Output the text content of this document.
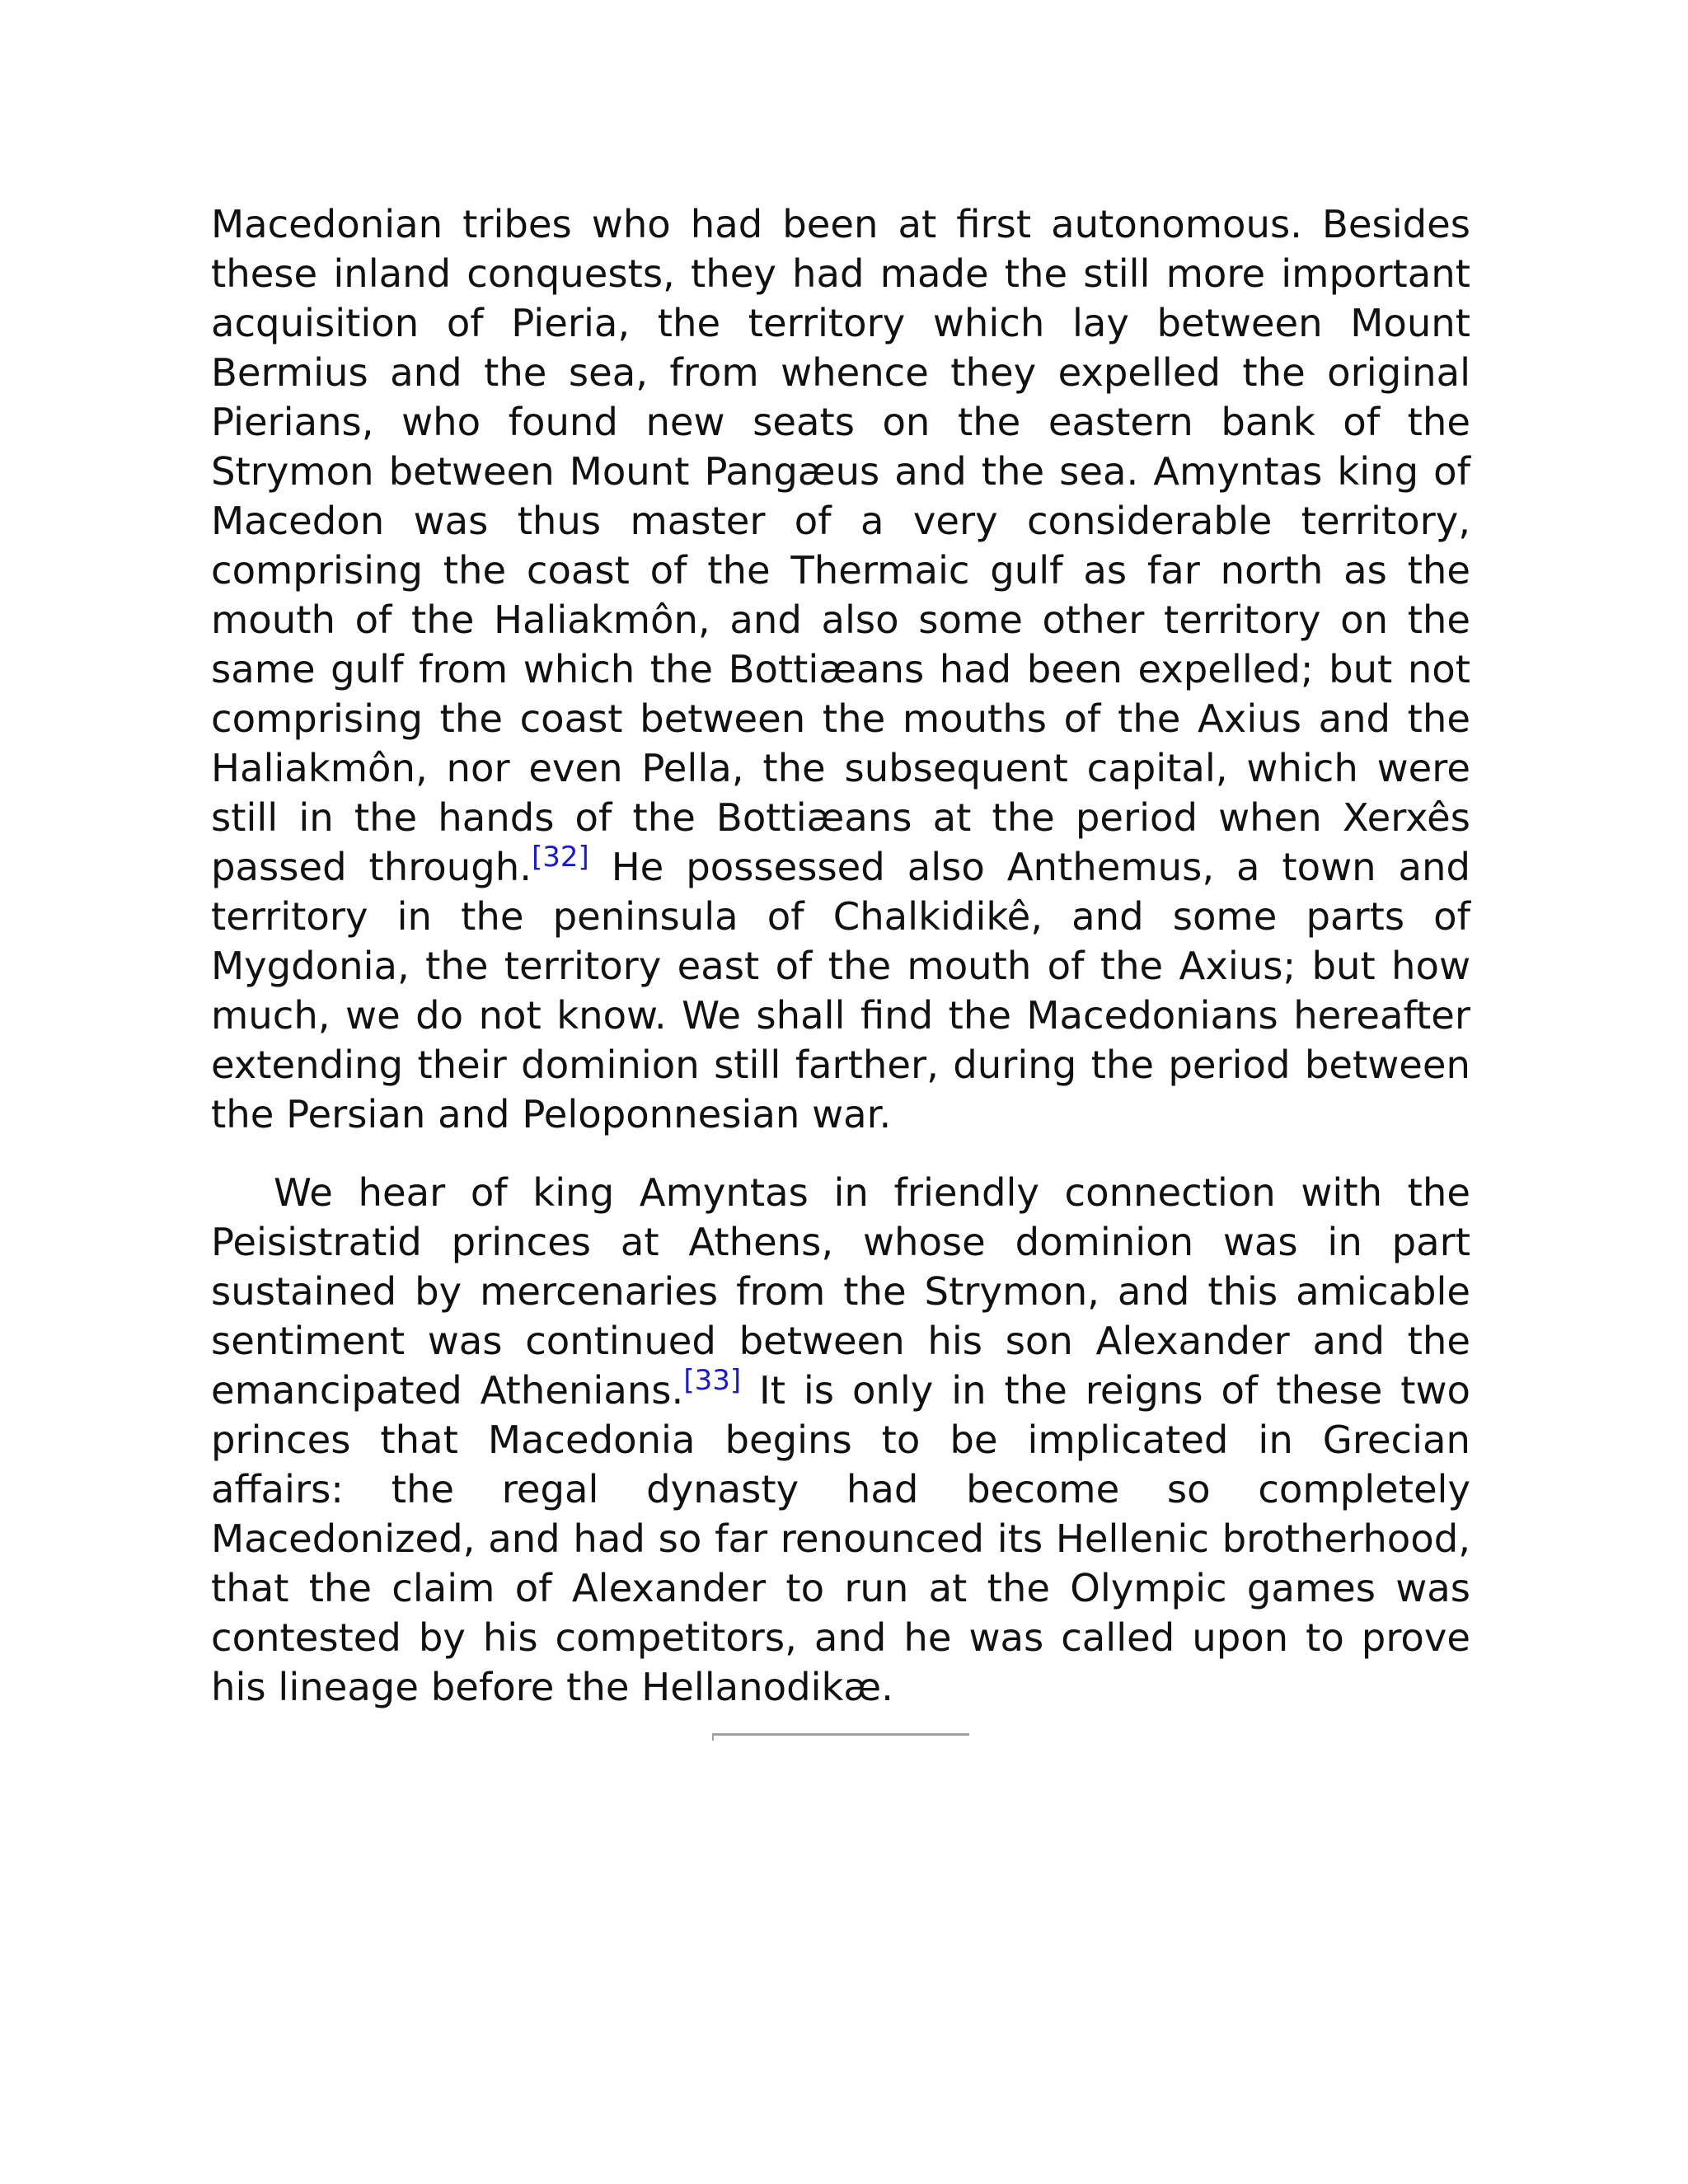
Macedonian tribes who had been at first autonomous. Besides these inland conquests, they had made the still more important acquisition of Pieria, the territory which lay between Mount Bermius and the sea, from whence they expelled the original Pierians, who found new seats on the eastern bank of the Strymon between Mount Pangæus and the sea. Amyntas king of Macedon was thus master of a very considerable territory, comprising the coast of the Thermaic gulf as far north as the mouth of the Haliakmôn, and also some other territory on the same gulf from which the Bottiæans had been expelled; but not comprising the coast between the mouths of the Axius and the Haliakmôn, nor even Pella, the subsequent capital, which were still in the hands of the Bottiæans at the period when Xerxês passed through.[32] He possessed also Anthemus, a town and territory in the peninsula of Chalkidikê, and some parts of Mygdonia, the territory east of the mouth of the Axius; but how much, we do not know. We shall find the Macedonians hereafter extending their dominion still farther, during the period between the Persian and Peloponnesian war.

We hear of king Amyntas in friendly connection with the Peisistratid princes at Athens, whose dominion was in part sustained by mercenaries from the Strymon, and this amicable sentiment was continued between his son Alexander and the emancipated Athenians.[33] It is only in the reigns of these two princes that Macedonia begins to be implicated in Grecian affairs: the regal dynasty had become so completely Macedonized, and had so far renounced its Hellenic brotherhood, that the claim of Alexander to run at the Olympic games was contested by his competitors, and he was called upon to prove his lineage before the Hellanodikæ.
